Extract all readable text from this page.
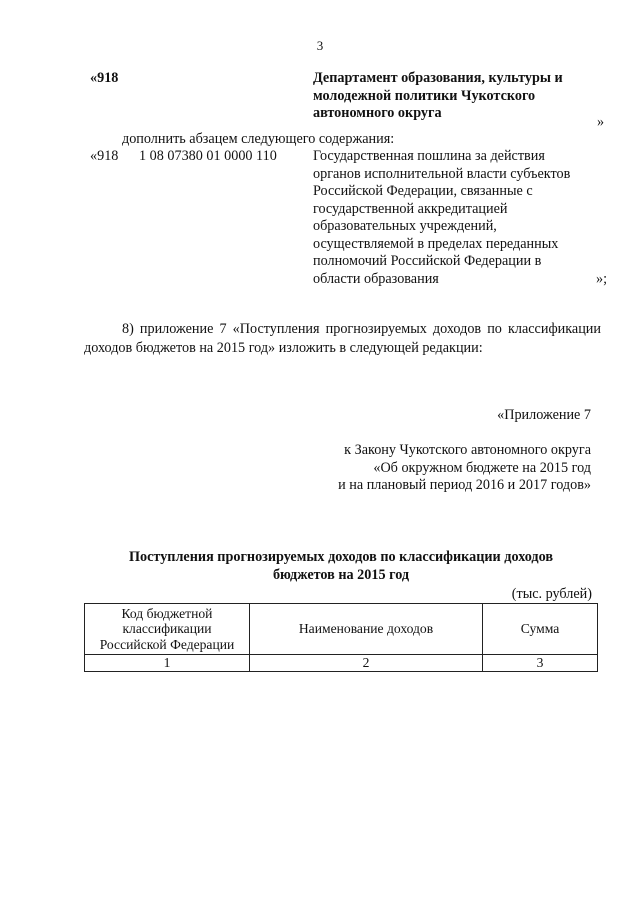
3
«918	Департамент образования, культуры и
молодежной политики Чукотского
автономного округа
»
дополнить абзацем следующего содержания:
«918 1 08 07380 01 0000 110	Государственная пошлина за действия
органов исполнительной власти субъектов
Российской Федерации, связанные с
государственной аккредитацией
образовательных учреждений,
осуществляемой в пределах переданных
полномочий Российской Федерации в
области образования	»;
8) приложение 7 «Поступления прогнозируемых доходов по классификации доходов бюджетов на 2015 год» изложить в следующей редакции:
«Приложение 7
к Закону Чукотского автономного округа
«Об окружном бюджете на 2015 год
и на плановый период 2016 и 2017 годов»
Поступления прогнозируемых доходов по классификации доходов
бюджетов на 2015 год
(тыс. рублей)
Код бюджетной
классификации
Российской Федерации	Наименование доходов	Сумма

1	2	3
